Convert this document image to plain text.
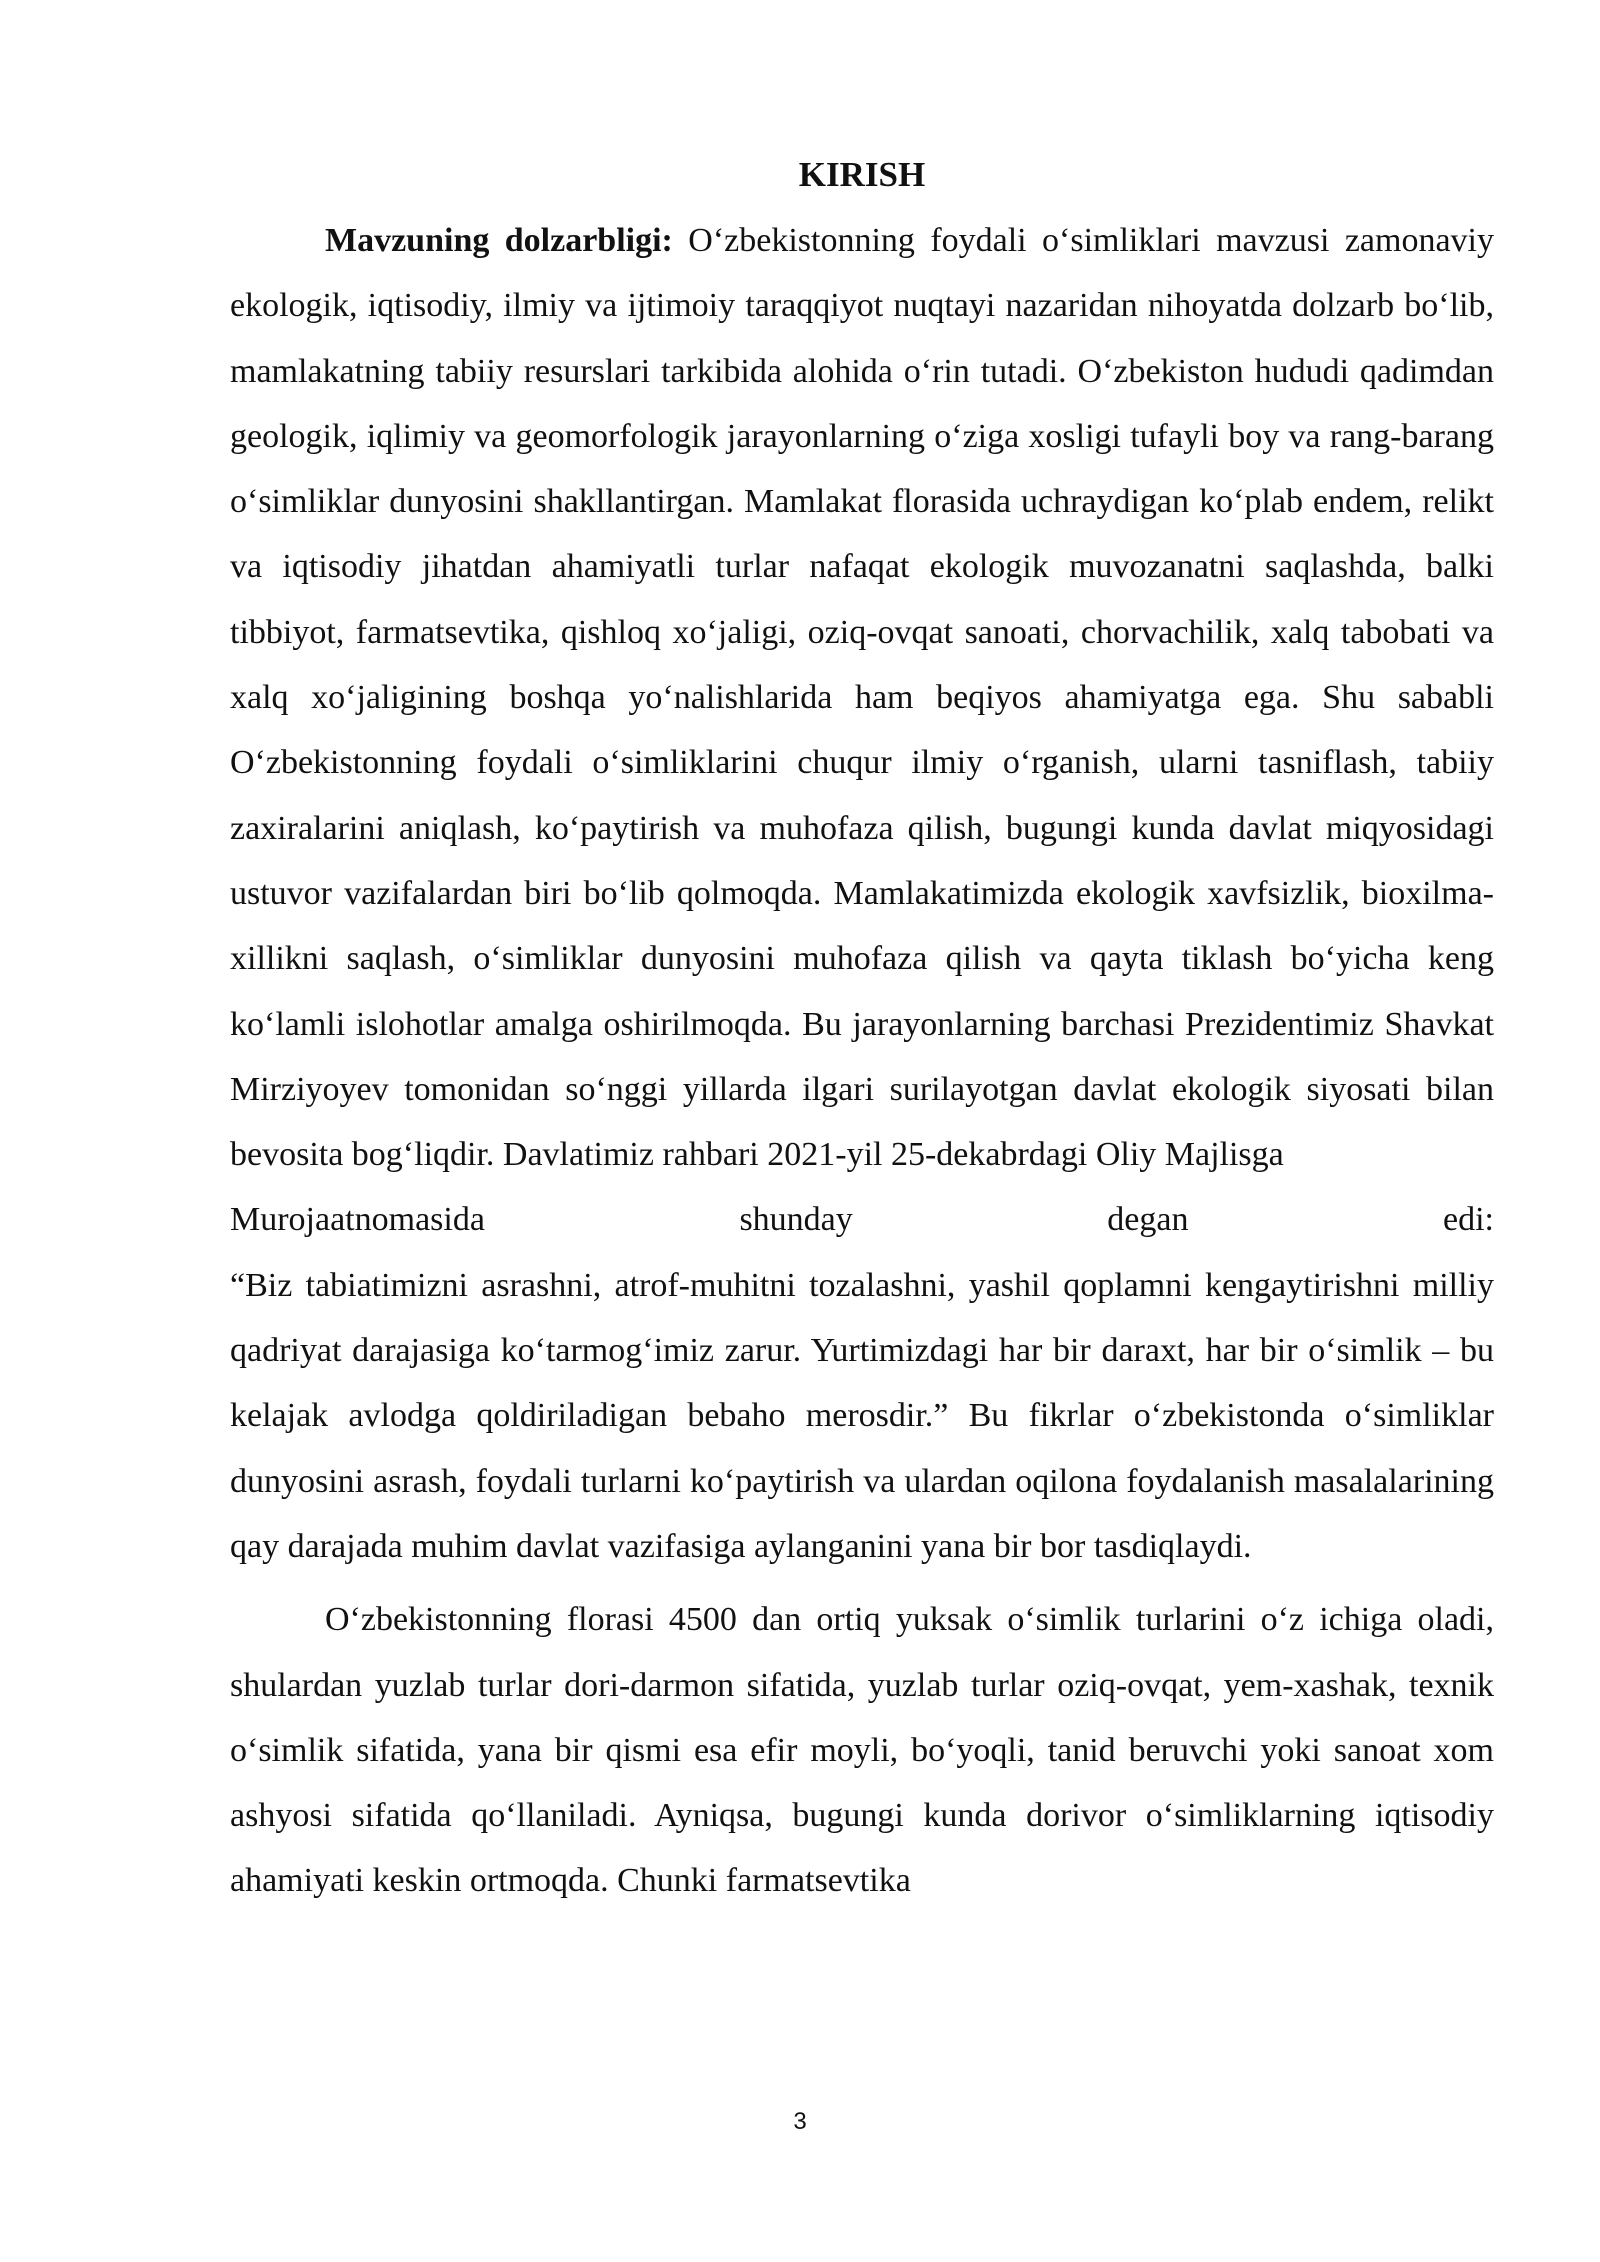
KIRISH

Mavzuning dolzarbligi: O‘zbekistonning foydali o‘simliklari mavzusi zamonaviy ekologik, iqtisodiy, ilmiy va ijtimoiy taraqqiyot nuqtayi nazaridan nihoyatda dolzarb bo‘lib, mamlakatning tabiiy resurslari tarkibida alohida o‘rin tutadi. O‘zbekiston hududi qadimdan geologik, iqlimiy va geomorfologik jarayonlarning o‘ziga xosligi tufayli boy va rang-barang o‘simliklar dunyosini shakllantirgan. Mamlakat florasida uchraydigan ko‘plab endem, relikt va iqtisodiy jihatdan ahamiyatli turlar nafaqat ekologik muvozanatni saqlashda, balki tibbiyot, farmatsevtika, qishloq xo‘jaligi, oziq-ovqat sanoati, chorvachilik, xalq tabobati va xalq xo‘jaligining boshqa yo‘nalishlarida ham beqiyos ahamiyatga ega. Shu sababli O‘zbekistonning foydali o‘simliklarini chuqur ilmiy o‘rganish, ularni tasniflash, tabiiy zaxiralarini aniqlash, ko‘paytirish va muhofaza qilish, bugungi kunda davlat miqyosidagi ustuvor vazifalardan biri bo‘lib qolmoqda. Mamlakatimizda ekologik xavfsizlik, bioxilma-xillikni saqlash, o‘simliklar dunyosini muhofaza qilish va qayta tiklash bo‘yicha keng ko‘lamli islohotlar amalga oshirilmoqda. Bu jarayonlarning barchasi Prezidentimiz Shavkat Mirziyoyev tomonidan so‘nggi yillarda ilgari surilayotgan davlat ekologik siyosati bilan bevosita bog‘liqdir. Davlatimiz rahbari 2021-yil 25-dekabrdagi Oliy Majlisga

Murojaatnomasida	shunday	degan	edi:

“Biz tabiatimizni asrashni, atrof-muhitni tozalashni, yashil qoplamni kengaytirishni milliy qadriyat darajasiga ko‘tarmog‘imiz zarur. Yurtimizdagi har bir daraxt, har bir o‘simlik – bu kelajak avlodga qoldiriladigan bebaho merosdir.” Bu fikrlar o‘zbekistonda o‘simliklar dunyosini asrash, foydali turlarni ko‘paytirish va ulardan oqilona foydalanish masalalarining qay darajada muhim davlat vazifasiga aylanganini yana bir bor tasdiqlaydi.

O‘zbekistonning florasi 4500 dan ortiq yuksak o‘simlik turlarini o‘z ichiga oladi, shulardan yuzlab turlar dori-darmon sifatida, yuzlab turlar oziq-ovqat, yem-xashak, texnik o‘simlik sifatida, yana bir qismi esa efir moyli, bo‘yoqli, tanid beruvchi yoki sanoat xom ashyosi sifatida qo‘llaniladi. Ayniqsa, bugungi kunda dorivor o‘simliklarning iqtisodiy ahamiyati keskin ortmoqda. Chunki farmatsevtika

3
